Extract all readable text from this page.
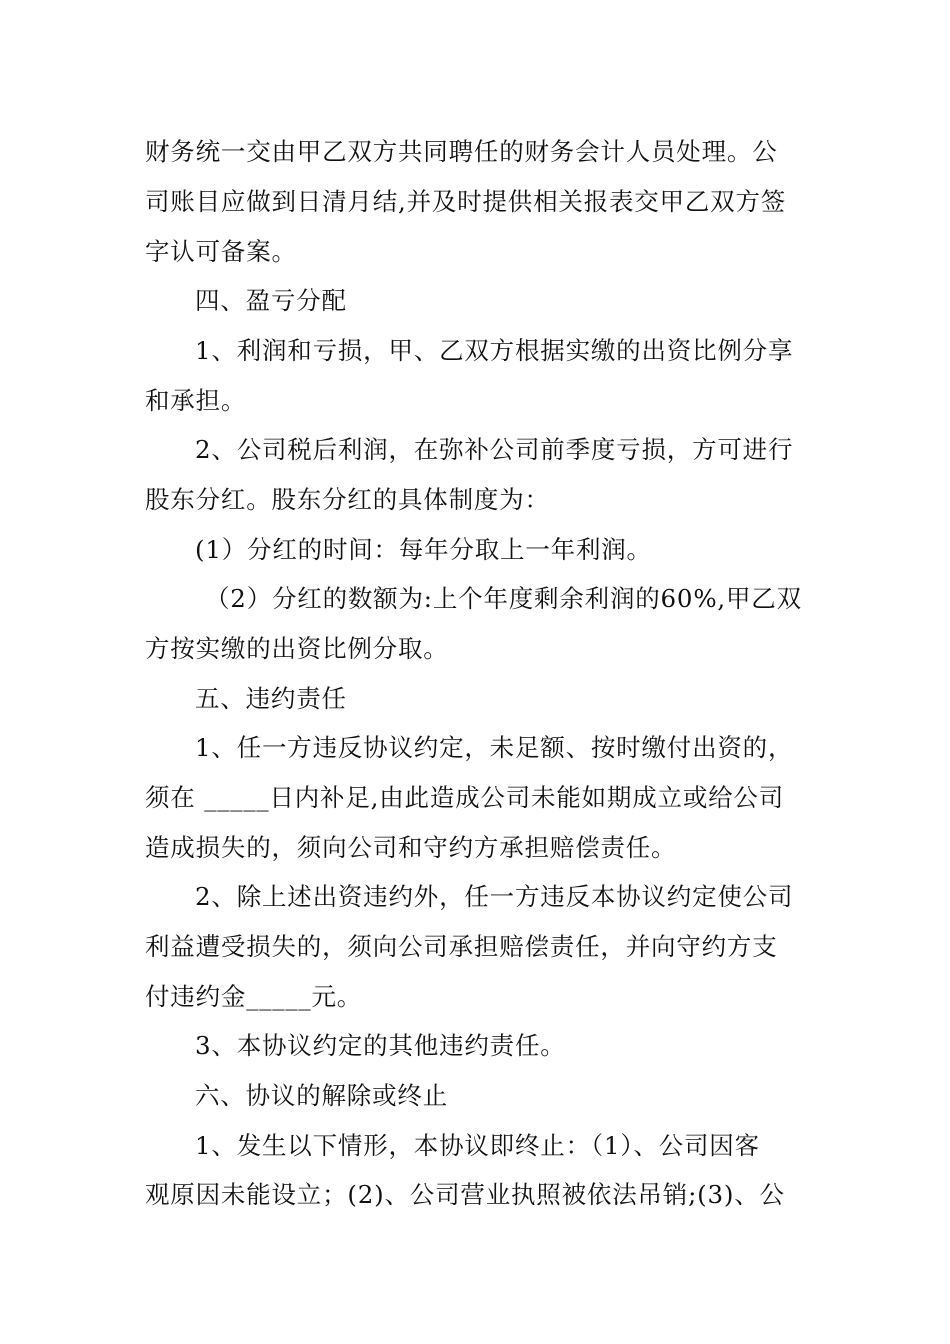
财务统一交由甲乙双方共同聘任的财务会计人员处理。公
司账目应做到日清月结,并及时提供相关报表交甲乙双方签
字认可备案。
四、盈亏分配
1、利润和亏损，甲、乙双方根据实缴的出资比例分享
和承担。
2、公司税后利润，在弥补公司前季度亏损，方可进行
股东分红。股东分红的具体制度为：
(1）分红的时间：每年分取上一年利润。
（2）分红的数额为:上个年度剩余利润的60%,甲乙双
方按实缴的出资比例分取。
五、违约责任
1、任一方违反协议约定，未足额、按时缴付出资的，
须在 _____日内补足,由此造成公司未能如期成立或给公司
造成损失的，须向公司和守约方承担赔偿责任。
2、除上述出资违约外，任一方违反本协议约定使公司
利益遭受损失的，须向公司承担赔偿责任，并向守约方支
付违约金_____元。
3、本协议约定的其他违约责任。
六、协议的解除或终止
1、发生以下情形，本协议即终止：（1）、公司因客
观原因未能设立；(2)、公司营业执照被依法吊销;(3)、公
